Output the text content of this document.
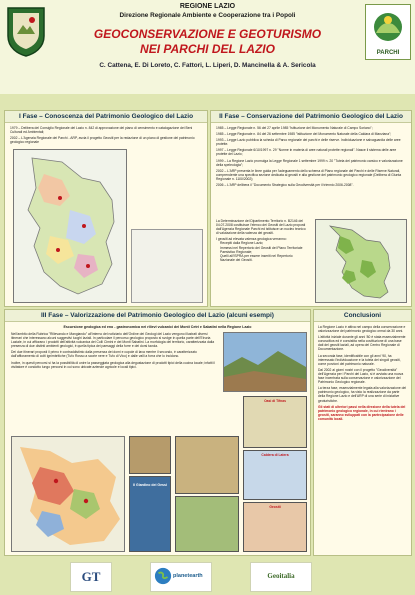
REGIONE LAZIO
Direzione Regionale Ambiente e Cooperazione tra i Popoli
GEOCONSERVAZIONE E GEOTURISMO
NEI PARCHI DEL LAZIO
C. Cattena, E. Di Loreto, C. Fattori, L. Liperi, D. Mancinella & A. Sericola
PARCHI
I Fase – Conoscenza del Patrimonio Geologico del Lazio

1979 – Delibera del Consiglio Regionale del Lazio n. 842 di approvazione del piano di censimento e catalogazione dei Beni Culturali ed Ambientali;

2002 – L'Agenzia Regionale dei Parchi - ARP, avvia il progetto Geositi per la redazione di un piano di gestione del patrimonio geologico regionale

II Fase – Conservazione del Patrimonio Geologico del Lazio

1985 – Legge Regionale n. 56 del 27 aprile 1985 "istituzione del Monumento Naturale di Campo Soriano";

1985 – Legge Regionale n. 84 del 26 settembre 1985 "istituzione del Monumento Naturale della Caldara di Manziana";

1993 – Legge Lazio pubblica la scheda di Parco regionale dei parchi e delle riserve. Individuazione e salvaguardia delle aree protette.

1997 – Legge Regionale 6/10/1997 n. 29 "Norme in materia di aree naturali protette regionali". Nasce il sistema delle aree protette del Lazio;

1999 – La Regione Lazio promulga la Legge Regionale 1 settembre 1999 n. 20 "Tutela del patrimonio carsico e valorizzazione della speleologia";

2002 – L'ARP presenta le linee guida per l'adeguamento dello schema di Piano regionale dei Parchi e delle Riserve Naturali, comprendente una specifica sezione dedicata ai geositi e alla gestione del patrimonio geologico regionale (Delibera di Giunta Regionale n. 1100/2002);

2006 – L'ARP delibera il "Documento Strategico sulla Geodiversità per il triennio 2006-2008".

La Determinazione del Dipartimento Territorio n. B2146 del 04.07.2008 costituisce l'elenco dei Geositi del Lazio proposti dall'Agenzia Regionale Parchi ed istituisce un nucleo tecnico di valutazione della valenza dei geositi.
I geositi ad elevata valenza geologica verranno:
Recepiti dalla Regione Lazio;
Immessi nel Repertorio dei Geositi del Piano Territoriale Paesistico Regionale;
Quelli all'ISPRA per essere inseriti nel Repertorio Nazionale dei Geositi.
III Fase – Valorizzazione del Patrimonio Geologico del Lazio (alcuni esempi)
Escursione geologica ed eno - gastronomica nei rilievi vulcanici dei Monti Cetri e Sabatini nella Regione Lazio

Nell'ambito della Rubrica "Rilievando e Mangiando" all'interno del notiziario dell'Ordine dei Geologi del Lazio vengono illustrati diversi itinerari che interessano alcuni suggestivi luoghi laziali. In particolare il percorso geologico proposto si svolge in quella parte dell'Etruria Laziale, in cui affiorano i prodotti dell'attività vulcanica dei Colli Cimini e dei Monti Sabatini. La morfologia del territorio, caratterizzata dalla presenza di due distinti ambienti geologici, è quella tipica dei paesaggi della forre e dei dorsi tavola.

Dei due itinerari proposti il primo è contraddistinto dalla presenza dei domi e cupole di lava mentre il secondo, è caratterizzato dall'affioramento di colti ignimbritiche (Tufo Rosso a scorie nere e Tufo di Vico) e dalle valli a forra che lo incidono.

Inoltre, in questi percorsi si ha la possibilità di unire la passeggiata geologica alla degustazione di prodotti tipici della cucina locale; infatti il visitatore è condotto lungo percorsi in cui sono ubicate aziende agricole e locali tipici.

Il Giardino dei Gessi
Oasi di Tifnas
Caldera di Latera
Geositi
Conclusioni

La Regione Lazio è attiva nel campo della conservazione e valorizzazione del patrimonio geologico ormai da 30 anni.

L'attività iniziale durante gli anni '80 è stata essenzialmente conoscitiva ed è consistita nella costituzione di una base dati del geositi laziali, ad opera del Centro Regionale di Documentazione.

La seconda fase, identificabile con gli anni '90, ha interessato l'individuazione e la tutela dei singoli geositi, come porzioni del patrimonio naturale.

Dal 2002 ai giorni nostri con il progetto "Geodiversità" dell'Agenzia per i Parchi del Lazio, si è avviata una nuova fase incentrata sulla conservazione e valorizzazione del Patrimonio Geologico regionale.

La terza fase, essenzialmente legata alla valorizzazione del patrimonio geologico, ha visto la realizzazione da parte della Regione Lazio e dell'ARP di una serie di iniziative geoturistiche.

Gli stati di ulteriori passi nella direzione della tutela del patrimonio geologico regionale, in cui rientrano i geositi, saranno sviluppati con la partecipazione delle comunità locali.

GT	planetearth	Geoitalia
